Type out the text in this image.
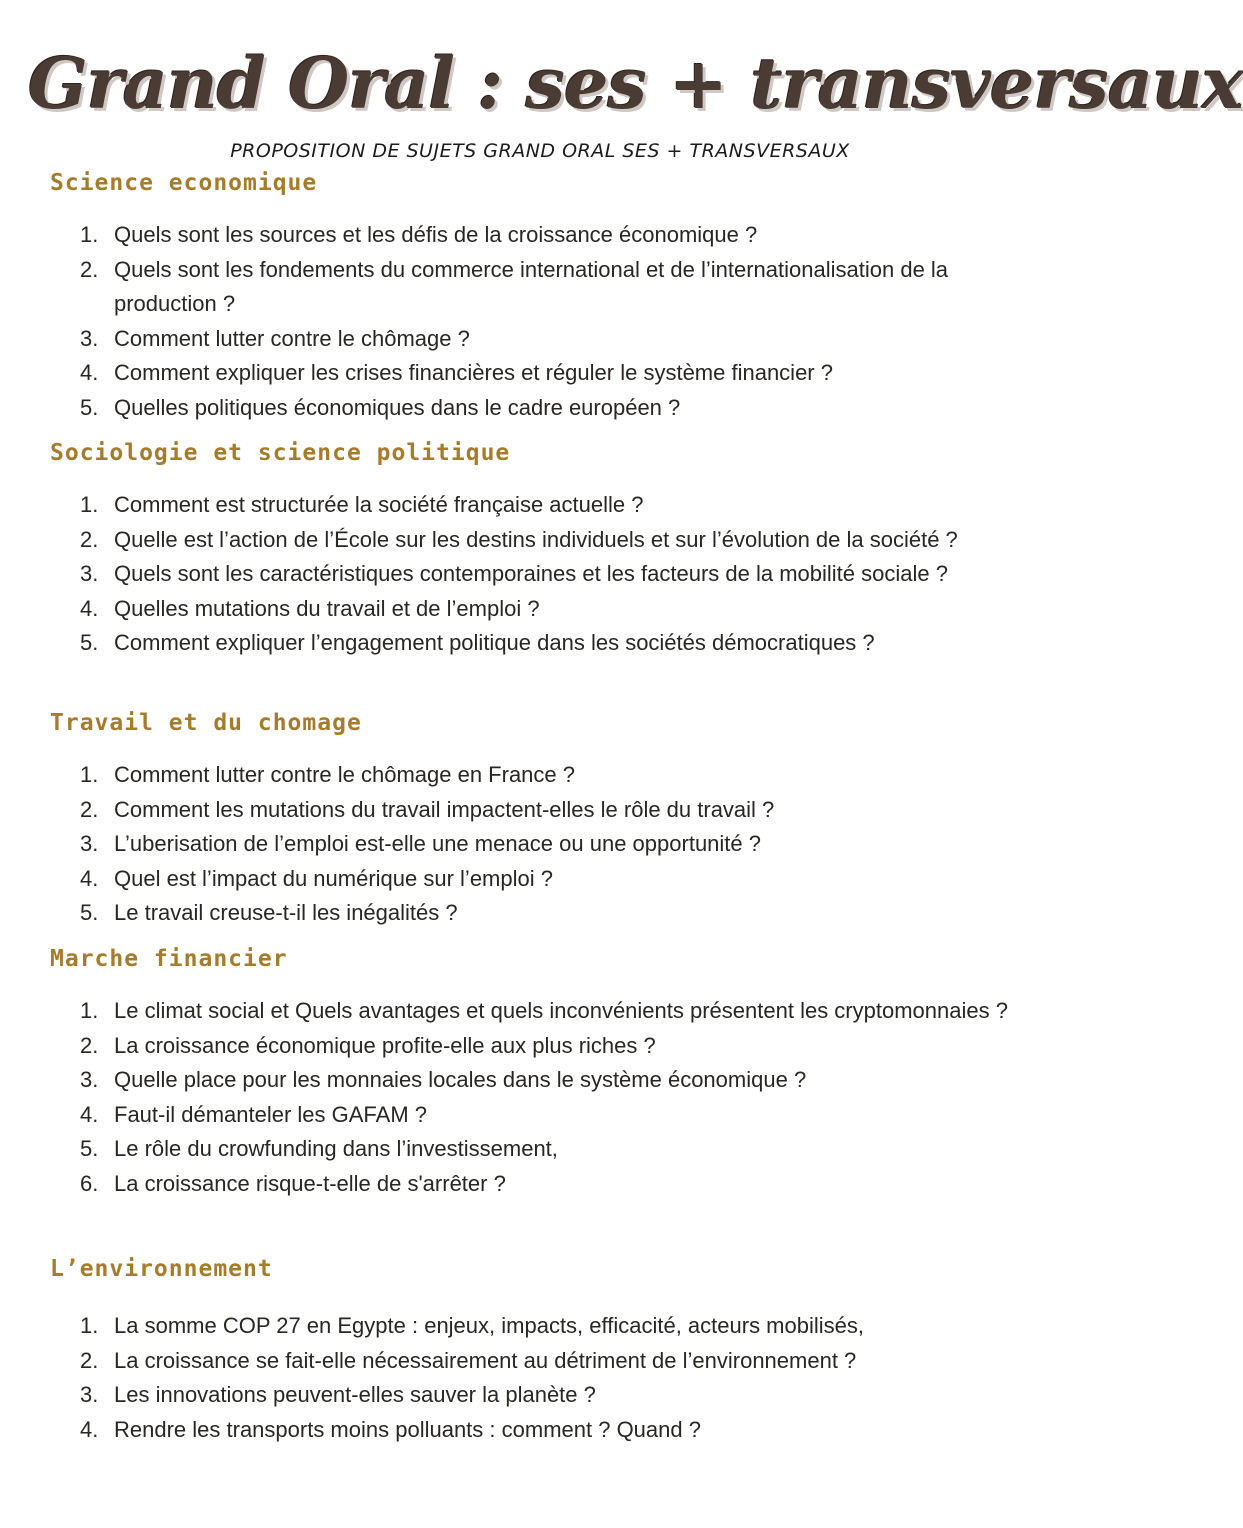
Grand Oral : ses + transversaux

PROPOSITION DE SUJETS GRAND ORAL SES + TRANSVERSAUX

Science economique
1. Quels sont les sources et les défis de la croissance économique ?
2. Quels sont les fondements du commerce international et de l’internationalisation de la production ?
3. Comment lutter contre le chômage ?
4. Comment expliquer les crises financières et réguler le système financier ?
5. Quelles politiques économiques dans le cadre européen ?
Sociologie et science politique
1. Comment est structurée la société française actuelle ?
2. Quelle est l’action de l’École sur les destins individuels et sur l’évolution de la société ?
3. Quels sont les caractéristiques contemporaines et les facteurs de la mobilité sociale ?
4. Quelles mutations du travail et de l’emploi ?
5. Comment expliquer l’engagement politique dans les sociétés démocratiques ?
Travail et du chomage
1. Comment lutter contre le chômage en France ?
2. Comment les mutations du travail impactent-elles le rôle du travail ?
3. L’uberisation de l’emploi est-elle une menace ou une opportunité ?
4. Quel est l’impact du numérique sur l’emploi ?
5. Le travail creuse-t-il les inégalités ?
Marche financier
1. Le climat social et Quels avantages et quels inconvénients présentent les cryptomonnaies ?
2. La croissance économique profite-elle aux plus riches ?
3. Quelle place pour les monnaies locales dans le système économique ?
4. Faut-il démanteler les GAFAM ?
5. Le rôle du crowfunding dans l’investissement,
6. La croissance risque-t-elle de s'arrêter ?
L’environnement
1. La somme COP 27 en Egypte : enjeux, impacts, efficacité, acteurs mobilisés,
2. La croissance se fait-elle nécessairement au détriment de l’environnement ?
3. Les innovations peuvent-elles sauver la planète ?
4. Rendre les transports moins polluants : comment ? Quand ?
